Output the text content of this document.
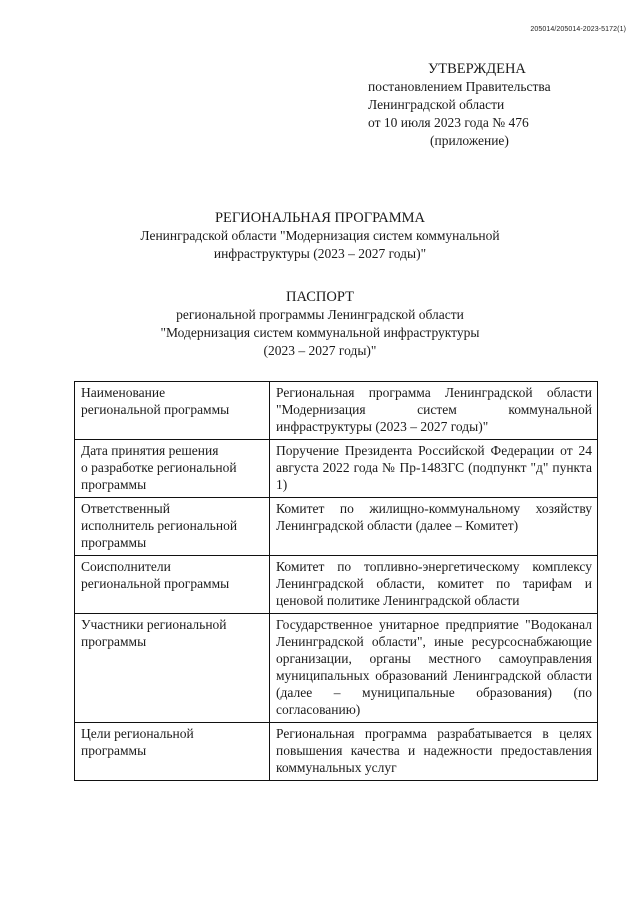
205014/205014-2023-5172(1)
УТВЕРЖДЕНА
постановлением Правительства
Ленинградской области
от 10 июля 2023 года № 476
(приложение)
РЕГИОНАЛЬНАЯ ПРОГРАММА
Ленинградской области "Модернизация систем коммунальной
инфраструктуры (2023 – 2027 годы)"
ПАСПОРТ
региональной программы Ленинградской области
"Модернизация систем коммунальной инфраструктуры
(2023 – 2027 годы)"
Наименование
региональной программы	Региональная программа Ленинградской области "Модернизация систем коммунальной инфраструктуры (2023 – 2027 годы)"

Дата принятия решения
о разработке региональной
программы	Поручение Президента Российской Федерации от 24 августа 2022 года № Пр-1483ГС (подпункт "д" пункта 1)

Ответственный
исполнитель региональной
программы	Комитет по жилищно-коммунальному хозяйству Ленинградской области (далее – Комитет)

Соисполнители
региональной программы	Комитет по топливно-энергетическому комплексу Ленинградской области, комитет по тарифам и ценовой политике Ленинградской области

Участники региональной
программы	Государственное унитарное предприятие "Водоканал Ленинградской области", иные ресурсоснабжающие организации, органы местного самоуправления муниципальных образований Ленинградской области (далее – муниципальные образования) (по согласованию)

Цели региональной
программы	Региональная программа разрабатывается в целях повышения качества и надежности предоставления коммунальных услуг
